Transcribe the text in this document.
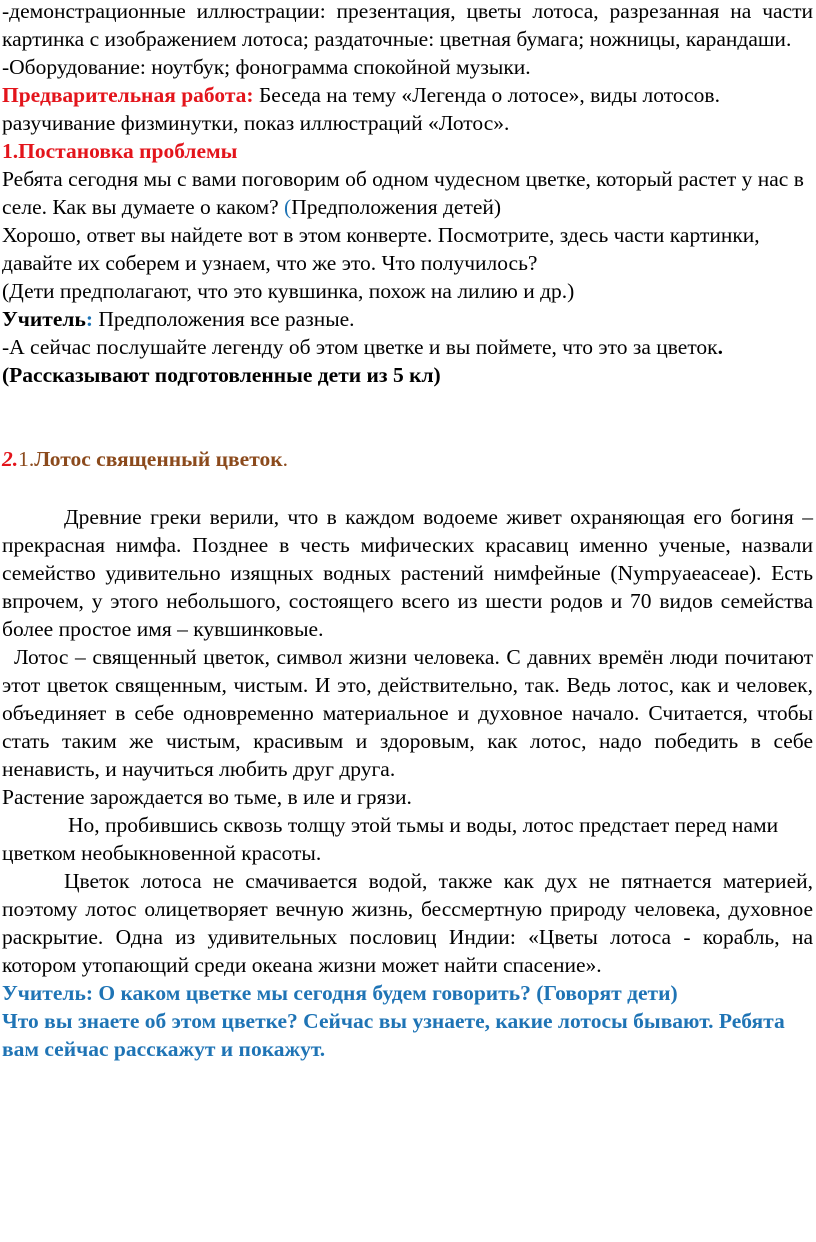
-демонстрационные иллюстрации: презентация, цветы лотоса, разрезанная на части картинка с изображением лотоса; раздаточные: цветная бумага; ножницы, карандаши.

-Оборудование: ноутбук; фонограмма спокойной музыки.

Предварительная работа: Беседа на тему «Легенда о лотосе», виды лотосов. разучивание физминутки, показ иллюстраций «Лотос».

1.Постановка проблемы

Ребята сегодня мы с вами поговорим об одном чудесном цветке, который растет у нас в селе. Как вы думаете о каком? (Предположения детей)

Хорошо, ответ вы найдете вот в этом конверте. Посмотрите, здесь части картинки, давайте их соберем и узнаем, что же это. Что получилось?

(Дети предполагают, что это кувшинка, похож на лилию и др.)

Учитель: Предположения все разные.

-А сейчас послушайте легенду об этом цветке и вы поймете, что это за цветок.

(Рассказывают подготовленные дети из 5 кл)

2.1.Лотос священный цветок.

Древние греки верили, что в каждом водоеме живет охраняющая его богиня – прекрасная нимфа. Позднее в честь мифических красавиц именно ученые, назвали семейство удивительно изящных водных растений нимфейные (Nympyaeaceae). Есть впрочем, у этого небольшого, состоящего всего из шести родов и 70 видов семейства более простое имя – кувшинковые.

Лотос – священный цветок, символ жизни человека. С давних времён люди почитают этот цветок священным, чистым. И это, действительно, так. Ведь лотос, как и человек, объединяет в себе одновременно материальное и духовное начало. Считается, чтобы стать таким же чистым, красивым и здоровым, как лотос, надо победить в себе ненависть, и научиться любить друг друга.

Растение зарождается во тьме, в иле и грязи.

Но, пробившись сквозь толщу этой тьмы и воды, лотос предстает перед нами цветком необыкновенной красоты.

Цветок лотоса не смачивается водой, также как дух не пятнается материей, поэтому лотос олицетворяет вечную жизнь, бессмертную природу человека, духовное раскрытие. Одна из удивительных пословиц Индии: «Цветы лотоса - корабль, на котором утопающий среди океана жизни может найти спасение».

Учитель: О каком цветке мы сегодня будем говорить? (Говорят дети)

Что вы знаете об этом цветке? Сейчас вы узнаете, какие лотосы бывают. Ребята вам сейчас расскажут и покажут.
